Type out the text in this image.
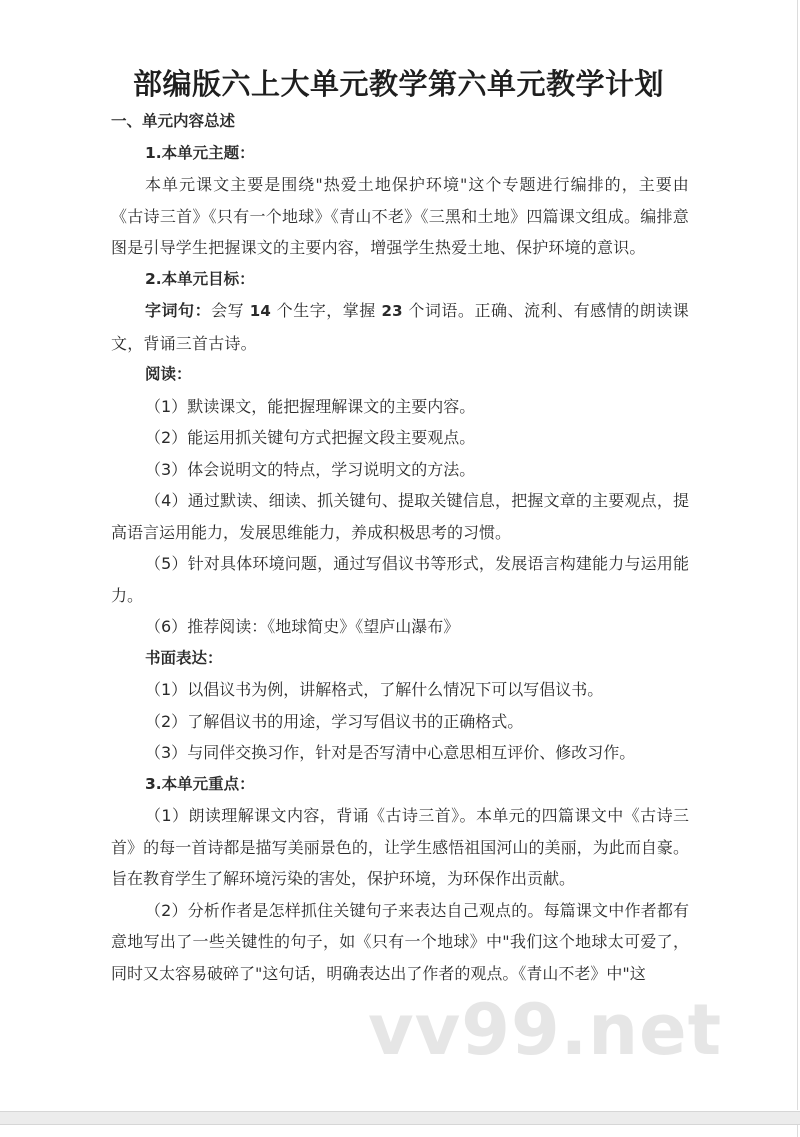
部编版六上大单元教学第六单元教学计划
一、单元内容总述
1.本单元主题：
本单元课文主要是围绕"热爱土地保护环境"这个专题进行编排的，主要由《古诗三首》《只有一个地球》《青山不老》《三黑和土地》四篇课文组成。编排意图是引导学生把握课文的主要内容，增强学生热爱土地、保护环境的意识。
2.本单元目标：
字词句：会写 14 个生字，掌握 23 个词语。正确、流利、有感情的朗读课文，背诵三首古诗。
阅读：
（1）默读课文，能把握理解课文的主要内容。
（2）能运用抓关键句方式把握文段主要观点。
（3）体会说明文的特点，学习说明文的方法。
（4）通过默读、细读、抓关键句、提取关键信息，把握文章的主要观点，提高语言运用能力，发展思维能力，养成积极思考的习惯。
（5）针对具体环境问题，通过写倡议书等形式，发展语言构建能力与运用能力。
（6）推荐阅读：《地球简史》《望庐山瀑布》
书面表达：
（1）以倡议书为例，讲解格式，了解什么情况下可以写倡议书。
（2）了解倡议书的用途，学习写倡议书的正确格式。
（3）与同伴交换习作，针对是否写清中心意思相互评价、修改习作。
3.本单元重点：
（1）朗读理解课文内容，背诵《古诗三首》。本单元的四篇课文中《古诗三首》的每一首诗都是描写美丽景色的，让学生感悟祖国河山的美丽，为此而自豪。旨在教育学生了解环境污染的害处，保护环境，为环保作出贡献。
（2）分析作者是怎样抓住关键句子来表达自己观点的。每篇课文中作者都有意地写出了一些关键性的句子，如《只有一个地球》中"我们这个地球太可爱了，同时又太容易破碎了"这句话，明确表达出了作者的观点。《青山不老》中"这
vv99.net
